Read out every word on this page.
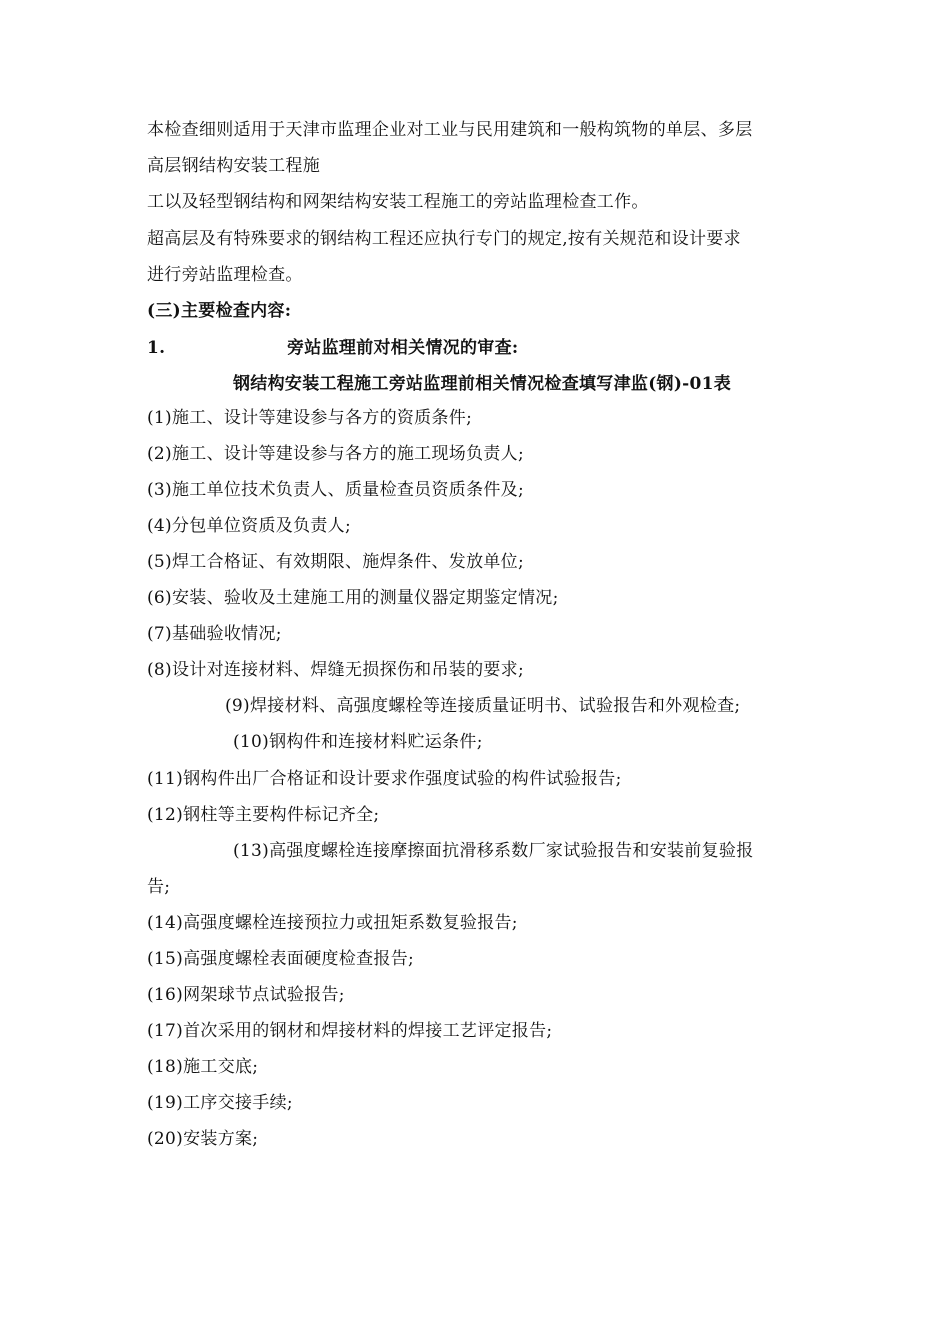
本检查细则适用于天津市监理企业对工业与民用建筑和一般构筑物的单层、多层
高层钢结构安装工程施
工以及轻型钢结构和网架结构安装工程施工的旁站监理检查工作。
超高层及有特殊要求的钢结构工程还应执行专门的规定,按有关规范和设计要求
进行旁站监理检查。
(三)主要检查内容:
1.	旁站监理前对相关情况的审查:
钢结构安装工程施工旁站监理前相关情况检查填写津监(钢)-01表
(1)施工、设计等建设参与各方的资质条件;
(2)施工、设计等建设参与各方的施工现场负责人;
(3)施工单位技术负责人、质量检查员资质条件及;
(4)分包单位资质及负责人;
(5)焊工合格证、有效期限、施焊条件、发放单位;
(6)安装、验收及土建施工用的测量仪器定期鉴定情况;
(7)基础验收情况;
(8)设计对连接材料、焊缝无损探伤和吊装的要求;
(9)焊接材料、高强度螺栓等连接质量证明书、试验报告和外观检查;
(10)钢构件和连接材料贮运条件;
(11)钢构件出厂合格证和设计要求作强度试验的构件试验报告;
(12)钢柱等主要构件标记齐全;
(13)高强度螺栓连接摩擦面抗滑移系数厂家试验报告和安装前复验报
告;
(14)高强度螺栓连接预拉力或扭矩系数复验报告;
(15)高强度螺栓表面硬度检查报告;
(16)网架球节点试验报告;
(17)首次采用的钢材和焊接材料的焊接工艺评定报告;
(18)施工交底;
(19)工序交接手续;
(20)安装方案;
